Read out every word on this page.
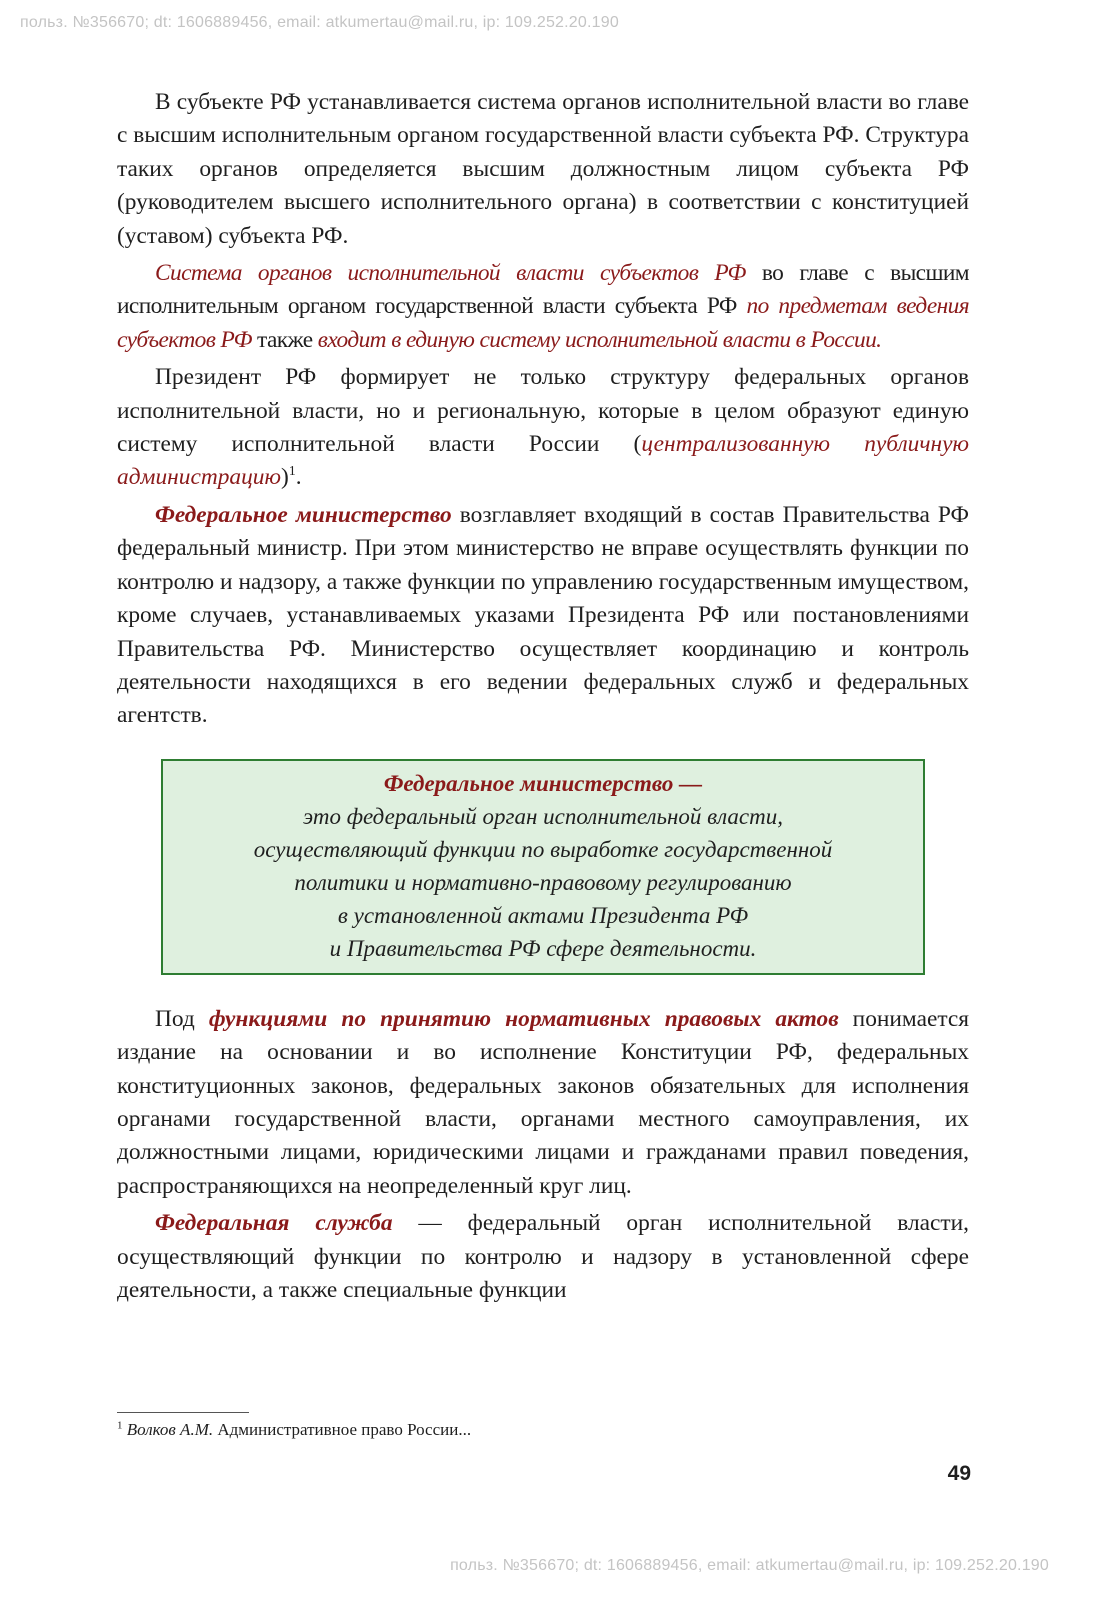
польз. №356670; dt: 1606889456, email: atkumertau@mail.ru, ip: 109.252.20.190

В субъекте РФ устанавливается система органов исполнительной власти во главе с высшим исполнительным органом государственной власти субъекта РФ. Структура таких органов определяется высшим должностным лицом субъекта РФ (руководителем высшего исполнительного органа) в соответствии с конституцией (уставом) субъекта РФ.

Система органов исполнительной власти субъектов РФ во главе с высшим исполнительным органом государственной власти субъекта РФ по предметам ведения субъектов РФ также входит в единую систему исполнительной власти в России.

Президент РФ формирует не только структуру федеральных органов исполнительной власти, но и региональную, которые в целом образуют единую систему исполнительной власти России (централизованную публичную администрацию)$^1$.

Федеральное министерство возглавляет входящий в состав Правительства РФ федеральный министр. При этом министерство не вправе осуществлять функции по контролю и надзору, а также функции по управлению государственным имуществом, кроме случаев, устанавливаемых указами Президента РФ или постановлениями Правительства РФ. Министерство осуществляет координацию и контроль деятельности находящихся в его ведении федеральных служб и федеральных агентств.

Федеральное министерство —
это федеральный орган исполнительной власти,
осуществляющий функции по выработке государственной
политики и нормативно-правовому регулированию
в установленной актами Президента РФ
и Правительства РФ сфере деятельности.

Под функциями по принятию нормативных правовых актов понимается издание на основании и во исполнение Конституции РФ, федеральных конституционных законов, федеральных законов обязательных для исполнения органами государственной власти, органами местного самоуправления, их должностными лицами, юридическими лицами и гражданами правил поведения, распространяющихся на неопределенный круг лиц.

Федеральная служба — федеральный орган исполнительной власти, осуществляющий функции по контролю и надзору в установленной сфере деятельности, а также специальные функции

$^1$ Волков А.М. Административное право России...
49
польз. №356670; dt: 1606889456, email: atkumertau@mail.ru, ip: 109.252.20.190
